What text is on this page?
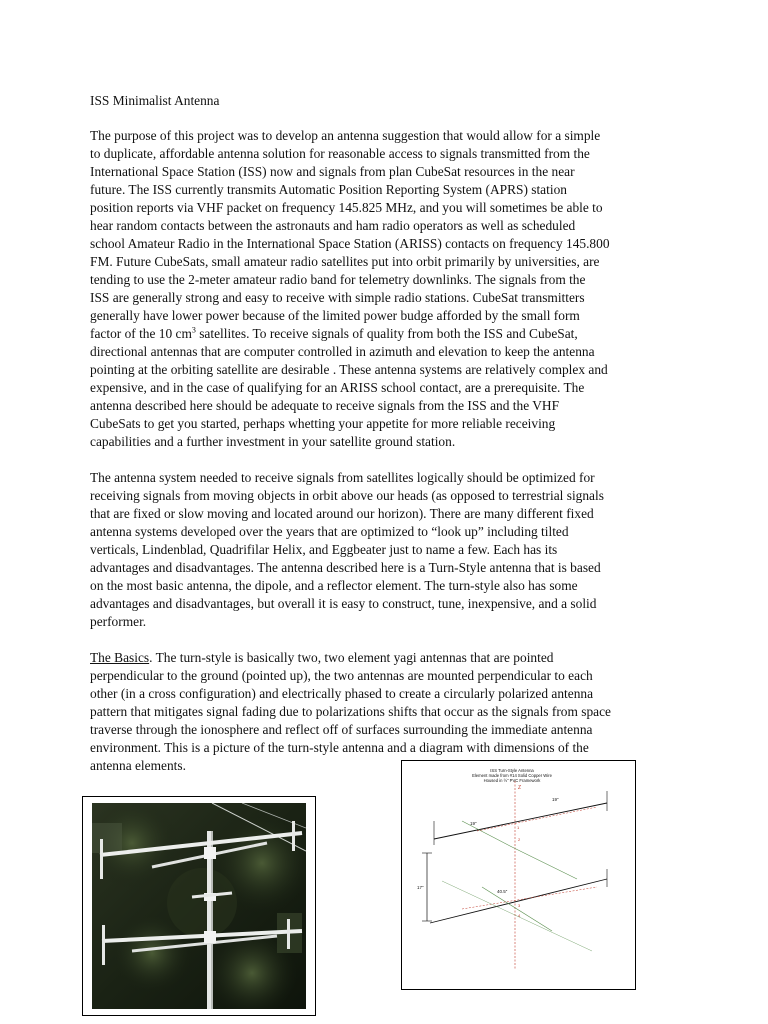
ISS Minimalist Antenna

The purpose of this project was to develop an antenna suggestion that would allow for a simple
to duplicate, affordable antenna solution for reasonable access to signals transmitted from the
International Space Station (ISS) now and signals from plan CubeSat resources in the near
future. The ISS currently transmits Automatic Position Reporting System (APRS) station
position reports via VHF packet on frequency 145.825 MHz, and you will sometimes be able to
hear random contacts between the astronauts and ham radio operators as well as scheduled
school Amateur Radio in the International Space Station (ARISS) contacts on frequency 145.800
FM. Future CubeSats, small amateur radio satellites put into orbit primarily by universities, are
tending to use the 2-meter amateur radio band for telemetry downlinks. The signals from the
ISS are generally strong and easy to receive with simple radio stations. CubeSat transmitters
generally have lower power because of the limited power budge afforded by the small form
factor of the 10 $cm^3$ satellites. To receive signals of quality from both the ISS and CubeSat,
directional antennas that are computer controlled in azimuth and elevation to keep the antenna
pointing at the orbiting satellite are desirable . These antenna systems are relatively complex and
expensive, and in the case of qualifying for an ARISS school contact, are a prerequisite. The
antenna described here should be adequate to receive signals from the ISS and the VHF
CubeSats to get you started, perhaps whetting your appetite for more reliable receiving
capabilities and a further investment in your satellite ground station.

The antenna system needed to receive signals from satellites logically should be optimized for
receiving signals from moving objects in orbit above our heads (as opposed to terrestrial signals
that are fixed or slow moving and located around our horizon). There are many different fixed
antenna systems developed over the years that are optimized to “look up” including tilted
verticals, Lindenblad, Quadrifilar Helix, and Eggbeater just to name a few. Each has its
advantages and disadvantages. The antenna described here is a Turn-Style antenna that is based
on the most basic antenna, the dipole, and a reflector element. The turn-style also has some
advantages and disadvantages, but overall it is easy to construct, tune, inexpensive, and a solid
performer.

The Basics. The turn-style is basically two, two element yagi antennas that are pointed
perpendicular to the ground (pointed up), the two antennas are mounted perpendicular to each
other (in a cross configuration) and electrically phased to create a circularly polarized antenna
pattern that mitigates signal fading due to polarizations shifts that occur as the signals from space
traverse through the ionosphere and reflect off of surfaces surrounding the immediate antenna
environment. This is a picture of the turn-style antenna and a diagram with dimensions of the
antenna elements.	ISS Turn-Style Antenna
Element made from #14 Solid Copper Wire
Housed in ½” PVC Framework
Z
19”
19”
1
2
17”
40.5”
3
4
